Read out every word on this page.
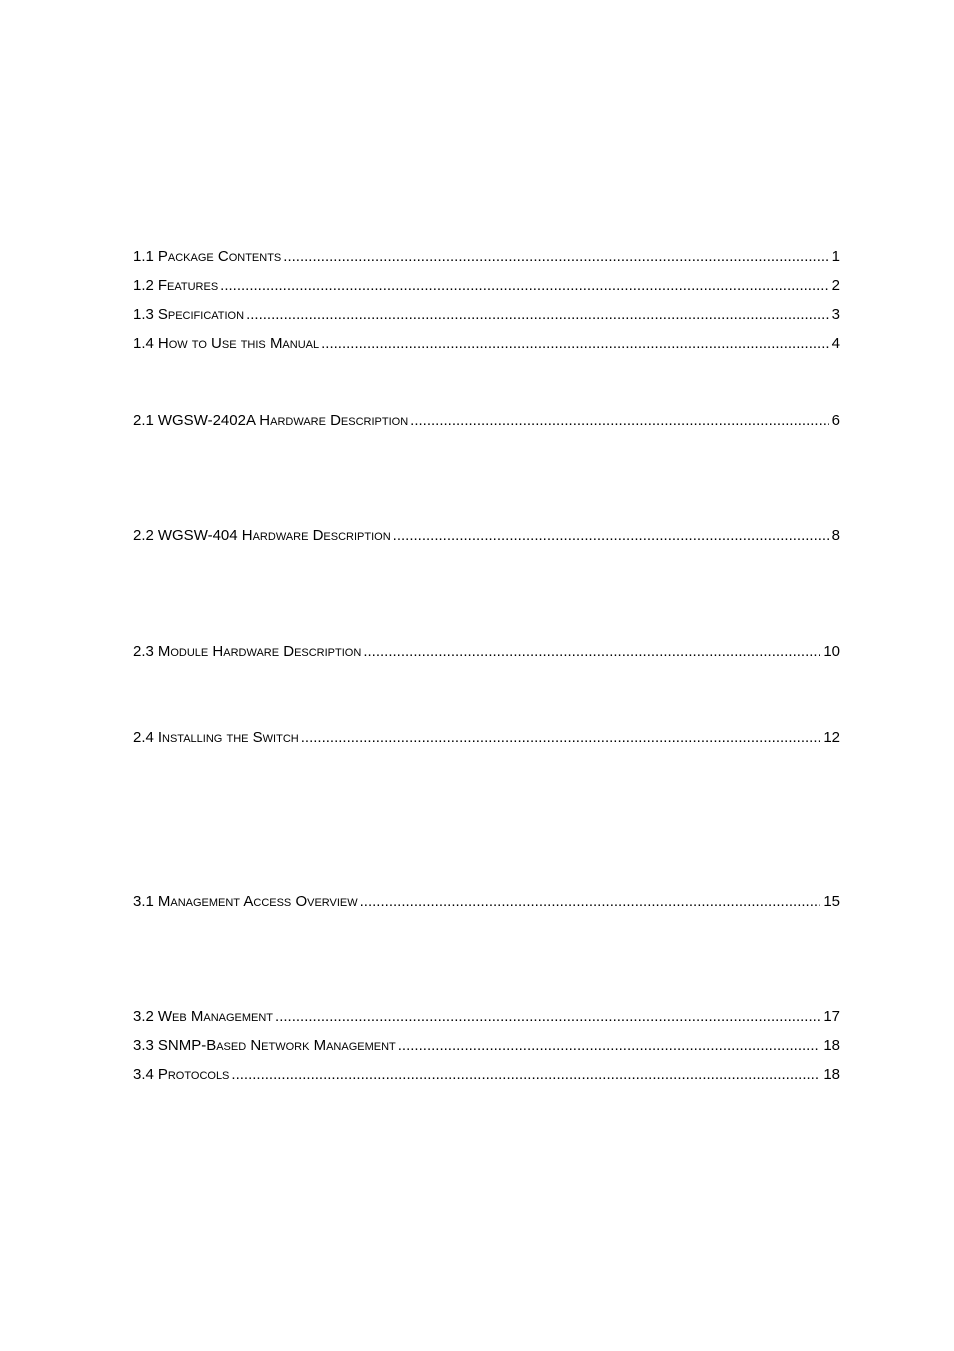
1.1 Package Contents .....	1
1.2 Features .....	2
1.3 Specification .....	3
1.4 How to Use this Manual .....	4
2.1 WGSW-2402A Hardware Description .....	6
2.2 WGSW-404 Hardware Description .....	8
2.3 Module Hardware Description .....	10
2.4 Installing the Switch .....	12
3.1 Management Access Overview .....	15
3.2 Web Management .....	17
3.3 SNMP-Based Network Management .....	18
3.4 Protocols .....	18
